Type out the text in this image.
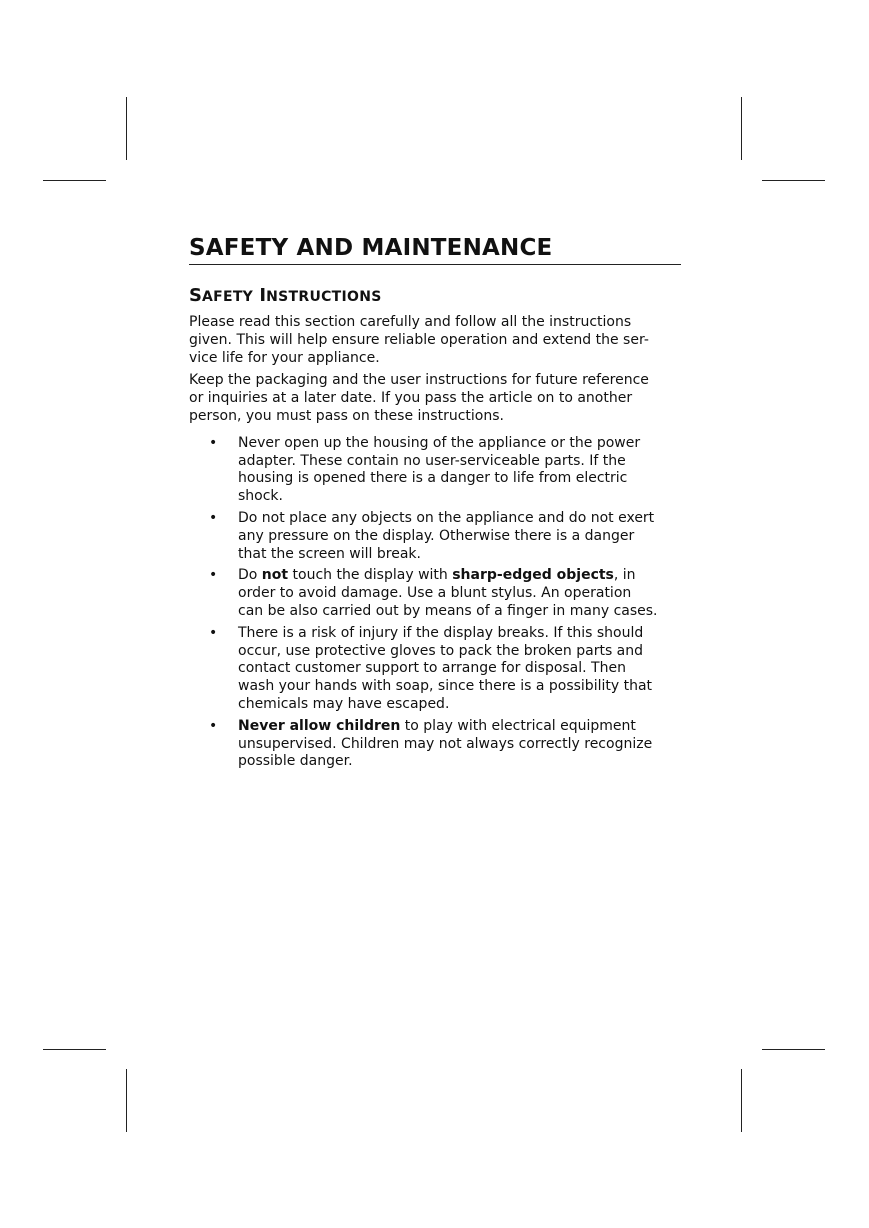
SAFETY AND MAINTENANCE
SAFETY INSTRUCTIONS

Please read this section carefully and follow all the instructions
given. This will help ensure reliable operation and extend the ser-
vice life for your appliance.

Keep the packaging and the user instructions for future reference
or inquiries at a later date. If you pass the article on to another
person, you must pass on these instructions.

• Never open up the housing of the appliance or the power
adapter. These contain no user-serviceable parts. If the
housing is opened there is a danger to life from electric
shock.
• Do not place any objects on the appliance and do not exert
any pressure on the display. Otherwise there is a danger
that the screen will break.
• Do not touch the display with sharp-edged objects, in
order to avoid damage. Use a blunt stylus. An operation
can be also carried out by means of a finger in many cases.
• There is a risk of injury if the display breaks. If this should
occur, use protective gloves to pack the broken parts and
contact customer support to arrange for disposal. Then
wash your hands with soap, since there is a possibility that
chemicals may have escaped.
• Never allow children to play with electrical equipment
unsupervised. Children may not always correctly recognize
possible danger.
